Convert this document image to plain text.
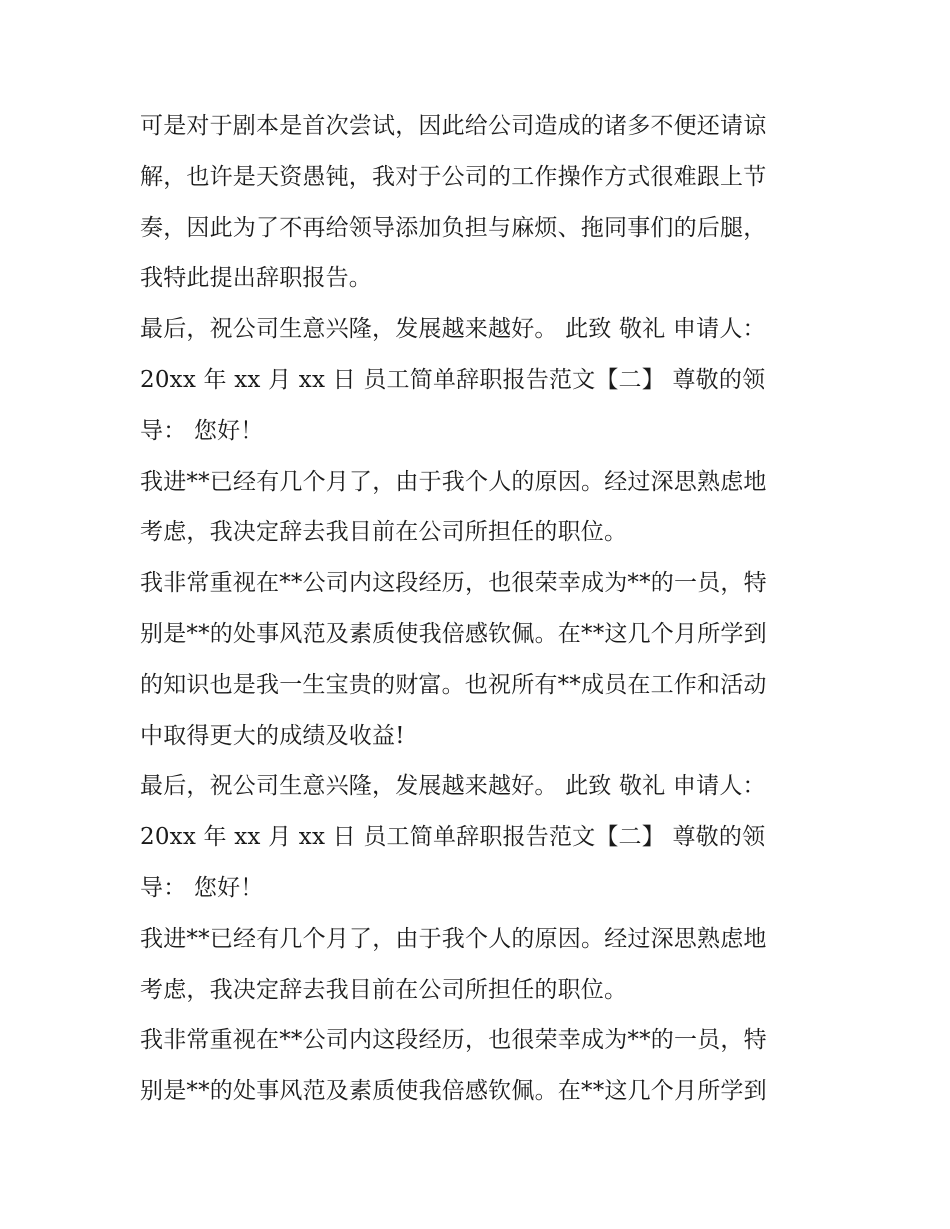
可是对于剧本是首次尝试，因此给公司造成的诸多不便还请谅
解，也许是天资愚钝，我对于公司的工作操作方式很难跟上节
奏，因此为了不再给领导添加负担与麻烦、拖同事们的后腿，
我特此提出辞职报告。
最后，祝公司生意兴隆，发展越来越好。 此致 敬礼 申请人：
20xx 年 xx 月 xx 日 员工简单辞职报告范文【二】 尊敬的领
导： 您好！
我进**已经有几个月了，由于我个人的原因。经过深思熟虑地
考虑，我决定辞去我目前在公司所担任的职位。
我非常重视在**公司内这段经历，也很荣幸成为**的一员，特
别是**的处事风范及素质使我倍感钦佩。在**这几个月所学到
的知识也是我一生宝贵的财富。也祝所有**成员在工作和活动
中取得更大的成绩及收益!
最后，祝公司生意兴隆，发展越来越好。 此致 敬礼 申请人：
20xx 年 xx 月 xx 日 员工简单辞职报告范文【二】 尊敬的领
导： 您好！
我进**已经有几个月了，由于我个人的原因。经过深思熟虑地
考虑，我决定辞去我目前在公司所担任的职位。
我非常重视在**公司内这段经历，也很荣幸成为**的一员，特
别是**的处事风范及素质使我倍感钦佩。在**这几个月所学到
